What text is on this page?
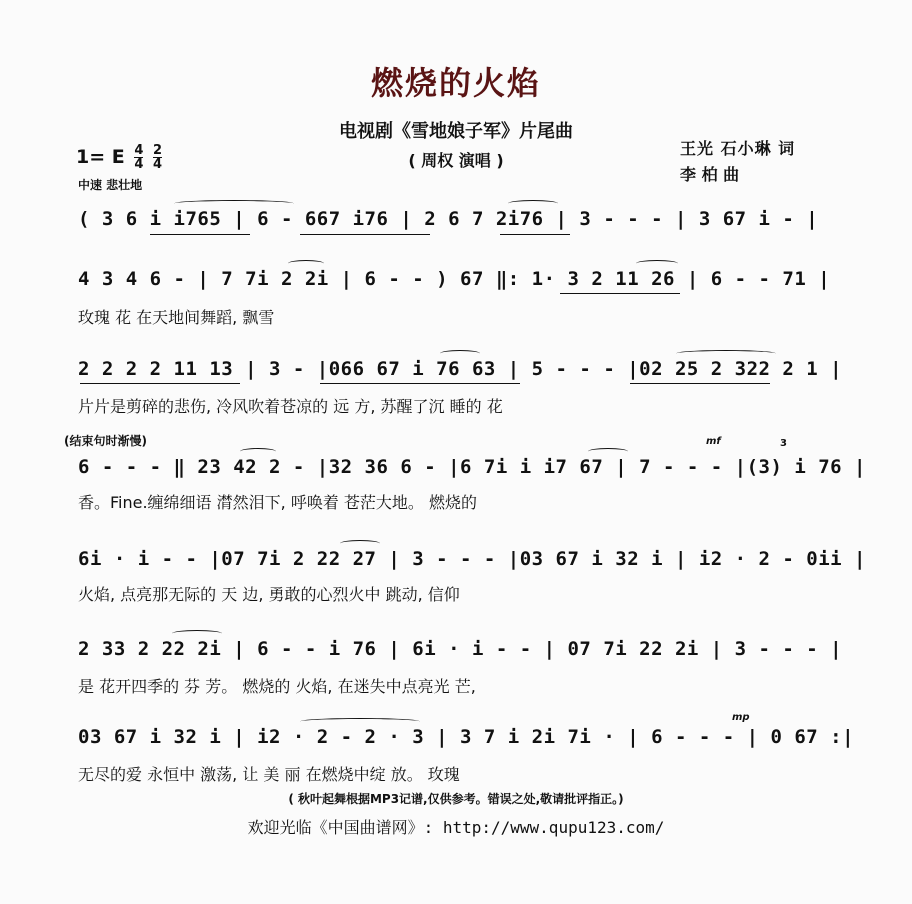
燃烧的火焰
电视剧《雪地娘子军》片尾曲
( 周权 演唱 )
1= E $\frac{4}{4}$
$\frac{2}{4}$
中速 悲壮地
王光 石小琳 词
李 柏 曲
( 3 6 i i765 | 6 - 667 i76 | 2 6 7 2i76 | 3 - - - | 3 67 i - |
4 3 4 6 - | 7 7i 2 2i | 6 - - ) 67 ‖: 1· 3 2 11 26 | 6 - - 71 |
玫瑰 花 在天地间舞蹈, 飘雪
2 2 2 2 11 13 | 3 - |066 67 i 76 63 | 5 - - - |02 25 2 322 2 1 |
片片是剪碎的悲伤, 冷风吹着苍凉的 远 方, 苏醒了沉 睡的 花
(结束句时渐慢)
6 - - - ‖ 23 42 2 - |32 36 6 - |6 7i i i7 67 | 7 - - - |(3) i 76 |
香。Fine.缠绵细语 潸然泪下, 呼唤着 苍茫大地。 燃烧的
6i · i - - |07 7i 2 22 27 | 3 - - - |03 67 i 32 i | i2 · 2 - 0ii |
火焰, 点亮那无际的 天 边, 勇敢的心烈火中 跳动, 信仰
2 33 2 22 2i | 6 - - i 76 | 6i · i - - | 07 7i 22 2i | 3 - - - |
是 花开四季的 芬 芳。 燃烧的 火焰, 在迷失中点亮光 芒,
03 67 i 32 i | i2 · 2 - 2 · 3 | 3 7 i 2i 7i · | 6 - - - | 0 67 :|
无尽的爱 永恒中 激荡, 让 美 丽 在燃烧中绽 放。 玫瑰
mf
mp
3
( 秋叶起舞根据MP3记谱,仅供参考。错误之处,敬请批评指正。)
欢迎光临《中国曲谱网》: http://www.qupu123.com/
